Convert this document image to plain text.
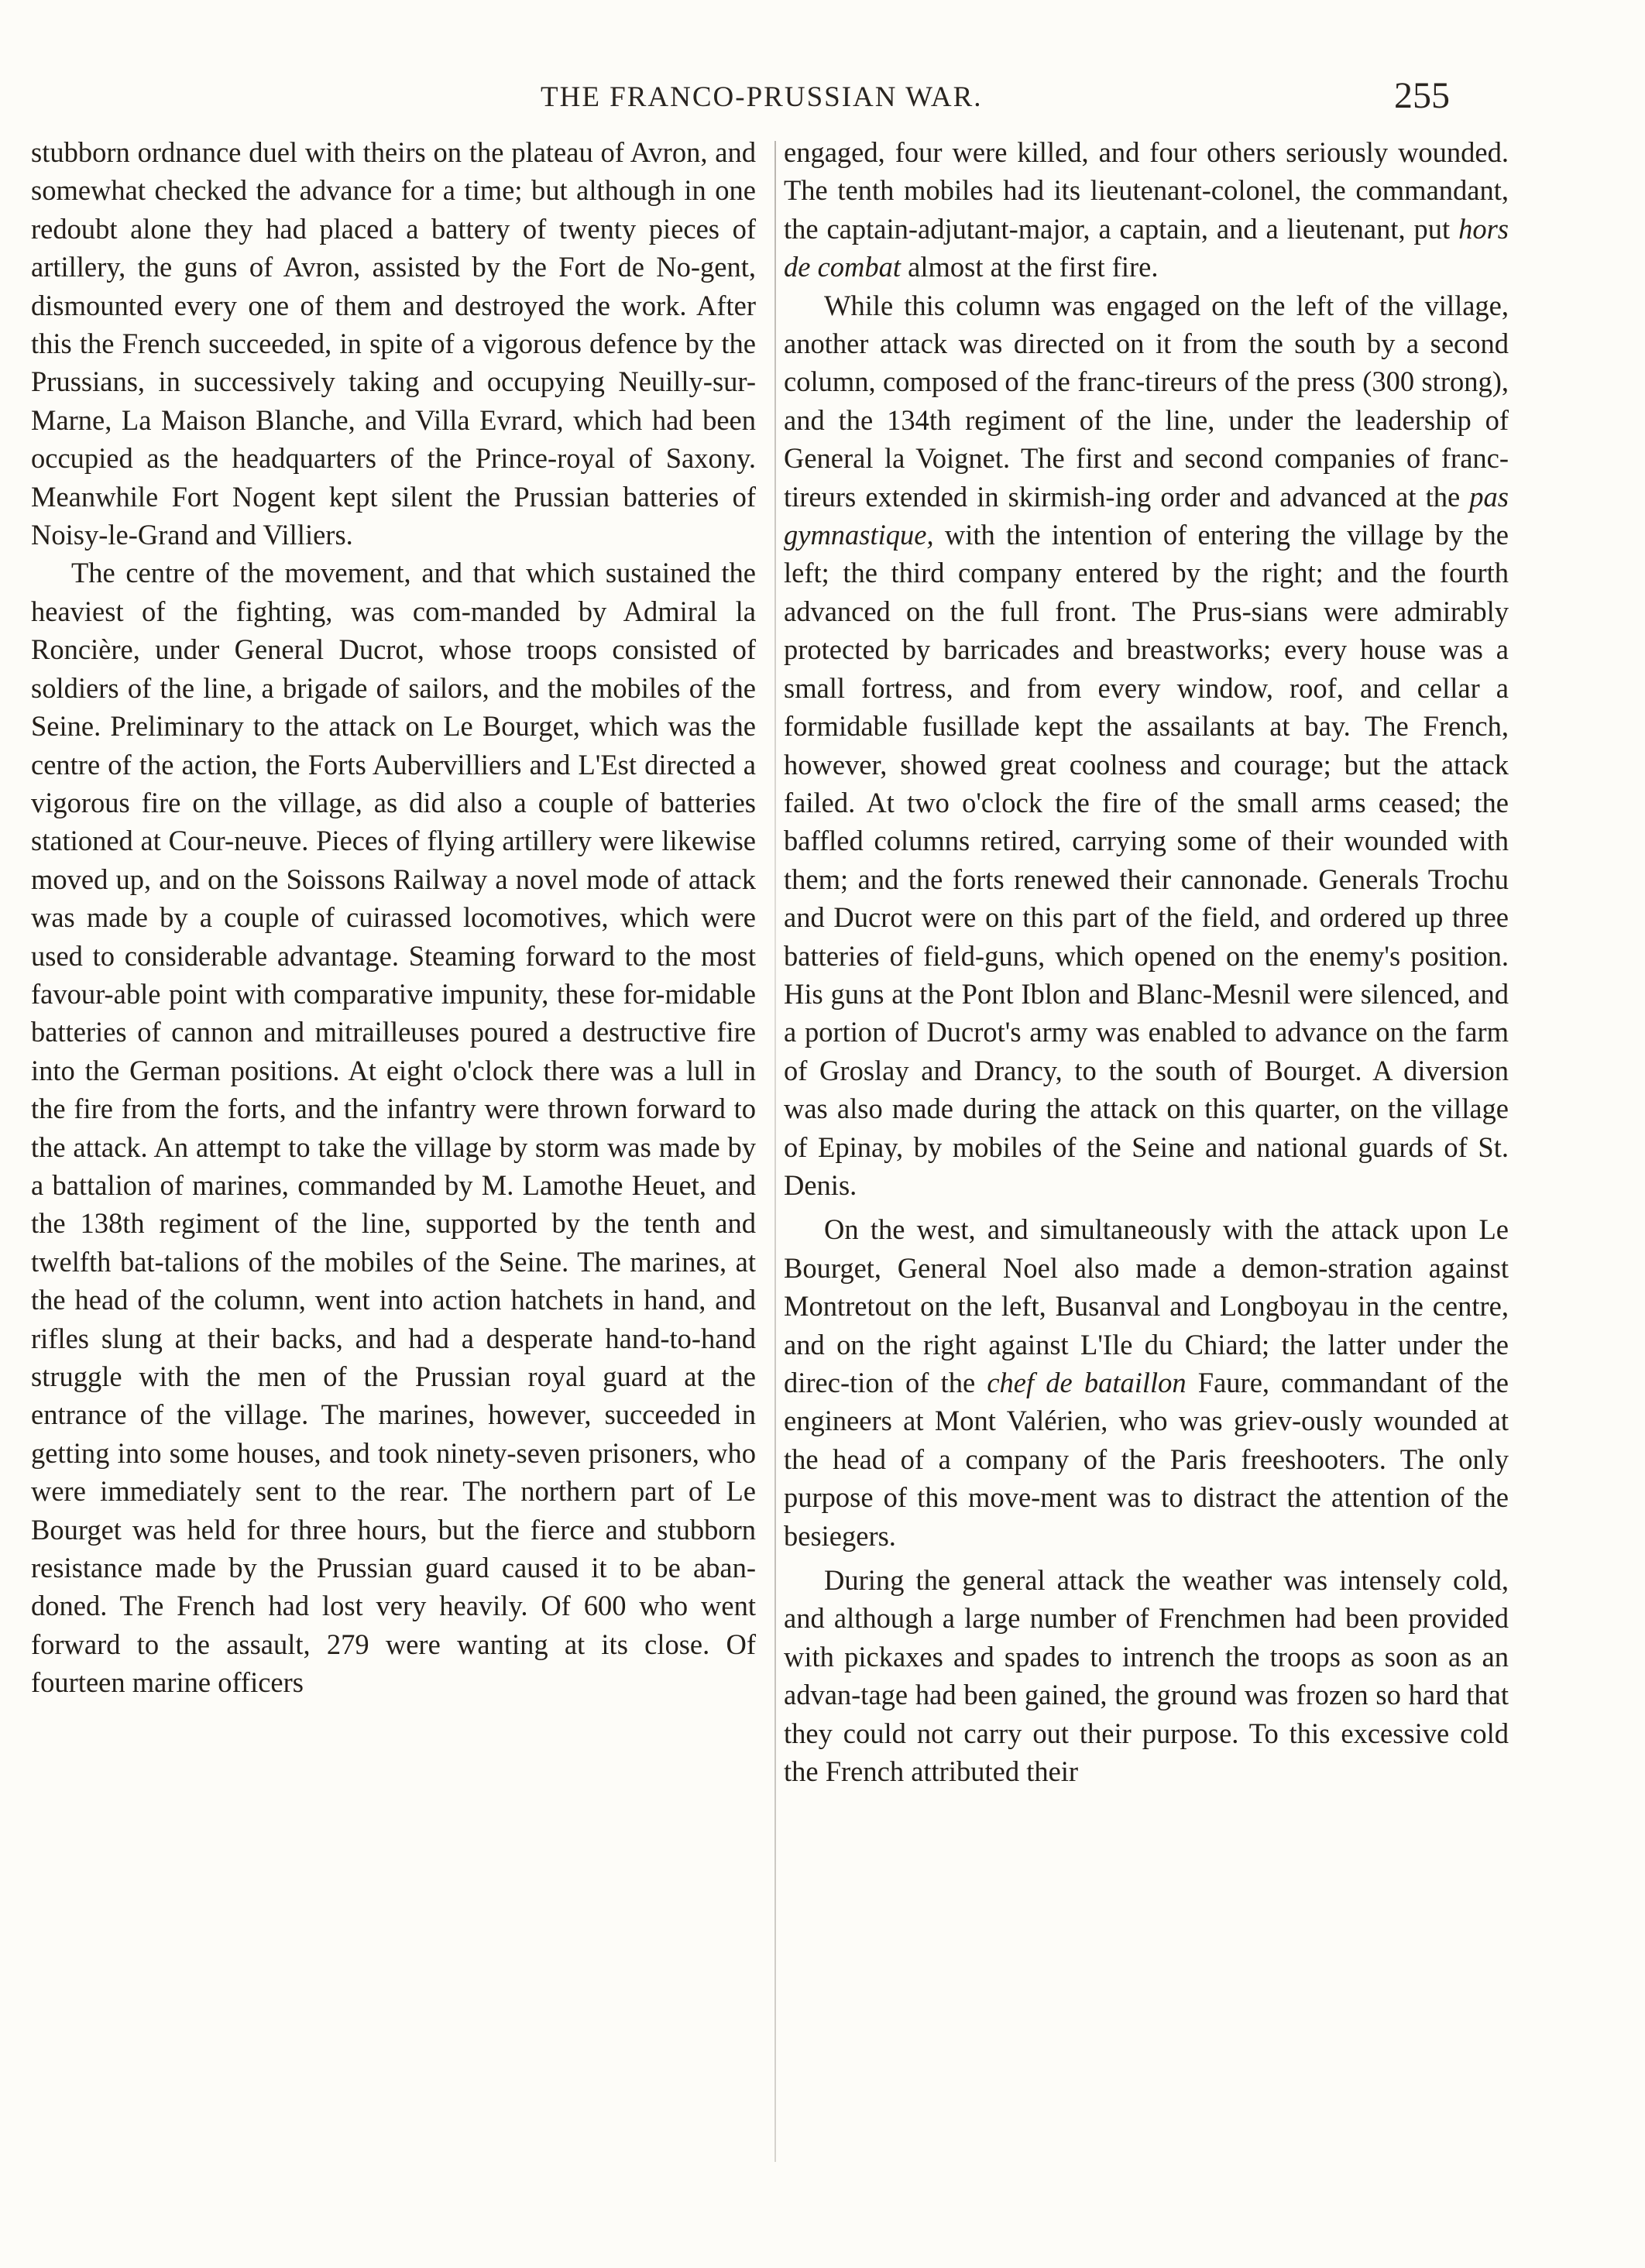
THE FRANCO-PRUSSIAN WAR.	255

stubborn ordnance duel with theirs on the plateau of Avron, and somewhat checked the advance for a time; but although in one redoubt alone they had placed a battery of twenty pieces of artillery, the guns of Avron, assisted by the Fort de No-gent, dismounted every one of them and destroyed the work. After this the French succeeded, in spite of a vigorous defence by the Prussians, in successively taking and occupying Neuilly-sur-Marne, La Maison Blanche, and Villa Evrard, which had been occupied as the headquarters of the Prince-royal of Saxony. Meanwhile Fort Nogent kept silent the Prussian batteries of Noisy-le-Grand and Villiers.

The centre of the movement, and that which sustained the heaviest of the fighting, was com-manded by Admiral la Roncière, under General Ducrot, whose troops consisted of soldiers of the line, a brigade of sailors, and the mobiles of the Seine. Preliminary to the attack on Le Bourget, which was the centre of the action, the Forts Aubervilliers and L'Est directed a vigorous fire on the village, as did also a couple of batteries stationed at Cour-neuve. Pieces of flying artillery were likewise moved up, and on the Soissons Railway a novel mode of attack was made by a couple of cuirassed locomotives, which were used to considerable advantage. Steaming forward to the most favour-able point with comparative impunity, these for-midable batteries of cannon and mitrailleuses poured a destructive fire into the German positions. At eight o'clock there was a lull in the fire from the forts, and the infantry were thrown forward to the attack. An attempt to take the village by storm was made by a battalion of marines, commanded by M. Lamothe Heuet, and the 138th regiment of the line, supported by the tenth and twelfth bat-talions of the mobiles of the Seine. The marines, at the head of the column, went into action hatchets in hand, and rifles slung at their backs, and had a desperate hand-to-hand struggle with the men of the Prussian royal guard at the entrance of the village. The marines, however, succeeded in getting into some houses, and took ninety-seven prisoners, who were immediately sent to the rear. The northern part of Le Bourget was held for three hours, but the fierce and stubborn resistance made by the Prussian guard caused it to be aban-doned. The French had lost very heavily. Of 600 who went forward to the assault, 279 were wanting at its close. Of fourteen marine officers

engaged, four were killed, and four others seriously wounded. The tenth mobiles had its lieutenant-colonel, the commandant, the captain-adjutant-major, a captain, and a lieutenant, put hors de combat almost at the first fire.

While this column was engaged on the left of the village, another attack was directed on it from the south by a second column, composed of the franc-tireurs of the press (300 strong), and the 134th regiment of the line, under the leadership of General la Voignet. The first and second companies of franc-tireurs extended in skirmish-ing order and advanced at the pas gymnastique, with the intention of entering the village by the left; the third company entered by the right; and the fourth advanced on the full front. The Prus-sians were admirably protected by barricades and breastworks; every house was a small fortress, and from every window, roof, and cellar a formidable fusillade kept the assailants at bay. The French, however, showed great coolness and courage; but the attack failed. At two o'clock the fire of the small arms ceased; the baffled columns retired, carrying some of their wounded with them; and the forts renewed their cannonade. Generals Trochu and Ducrot were on this part of the field, and ordered up three batteries of field-guns, which opened on the enemy's position. His guns at the Pont Iblon and Blanc-Mesnil were silenced, and a portion of Ducrot's army was enabled to advance on the farm of Groslay and Drancy, to the south of Bourget. A diversion was also made during the attack on this quarter, on the village of Epinay, by mobiles of the Seine and national guards of St. Denis.

On the west, and simultaneously with the attack upon Le Bourget, General Noel also made a demon-stration against Montretout on the left, Busanval and Longboyau in the centre, and on the right against L'Ile du Chiard; the latter under the direc-tion of the chef de bataillon Faure, commandant of the engineers at Mont Valérien, who was griev-ously wounded at the head of a company of the Paris freeshooters. The only purpose of this move-ment was to distract the attention of the besiegers.

During the general attack the weather was intensely cold, and although a large number of Frenchmen had been provided with pickaxes and spades to intrench the troops as soon as an advan-tage had been gained, the ground was frozen so hard that they could not carry out their purpose. To this excessive cold the French attributed their
